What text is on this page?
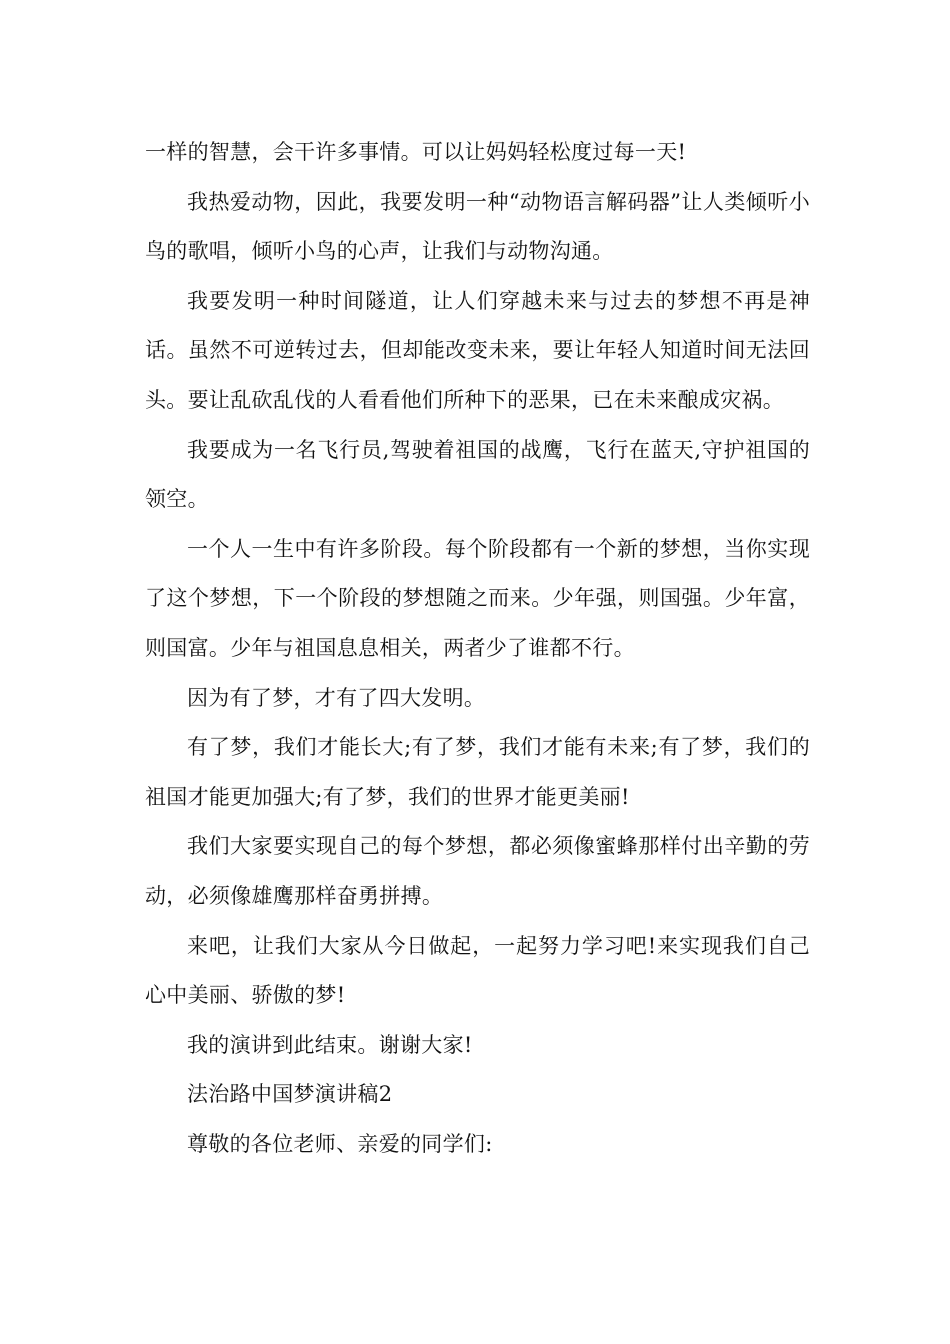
一样的智慧，会干许多事情。可以让妈妈轻松度过每一天!

我热爱动物，因此，我要发明一种“动物语言解码器”让人类倾听小鸟的歌唱，倾听小鸟的心声，让我们与动物沟通。

我要发明一种时间隧道，让人们穿越未来与过去的梦想不再是神话。虽然不可逆转过去，但却能改变未来，要让年轻人知道时间无法回头。要让乱砍乱伐的人看看他们所种下的恶果，已在未来酿成灾祸。

我要成为一名飞行员,驾驶着祖国的战鹰，飞行在蓝天,守护祖国的领空。

一个人一生中有许多阶段。每个阶段都有一个新的梦想，当你实现了这个梦想，下一个阶段的梦想随之而来。少年强，则国强。少年富，则国富。少年与祖国息息相关，两者少了谁都不行。

因为有了梦，才有了四大发明。

有了梦，我们才能长大;有了梦，我们才能有未来;有了梦，我们的祖国才能更加强大;有了梦，我们的世界才能更美丽!

我们大家要实现自己的每个梦想，都必须像蜜蜂那样付出辛勤的劳动，必须像雄鹰那样奋勇拼搏。

来吧，让我们大家从今日做起，一起努力学习吧!来实现我们自己心中美丽、骄傲的梦!

我的演讲到此结束。谢谢大家!

法治路中国梦演讲稿2

尊敬的各位老师、亲爱的同学们:
